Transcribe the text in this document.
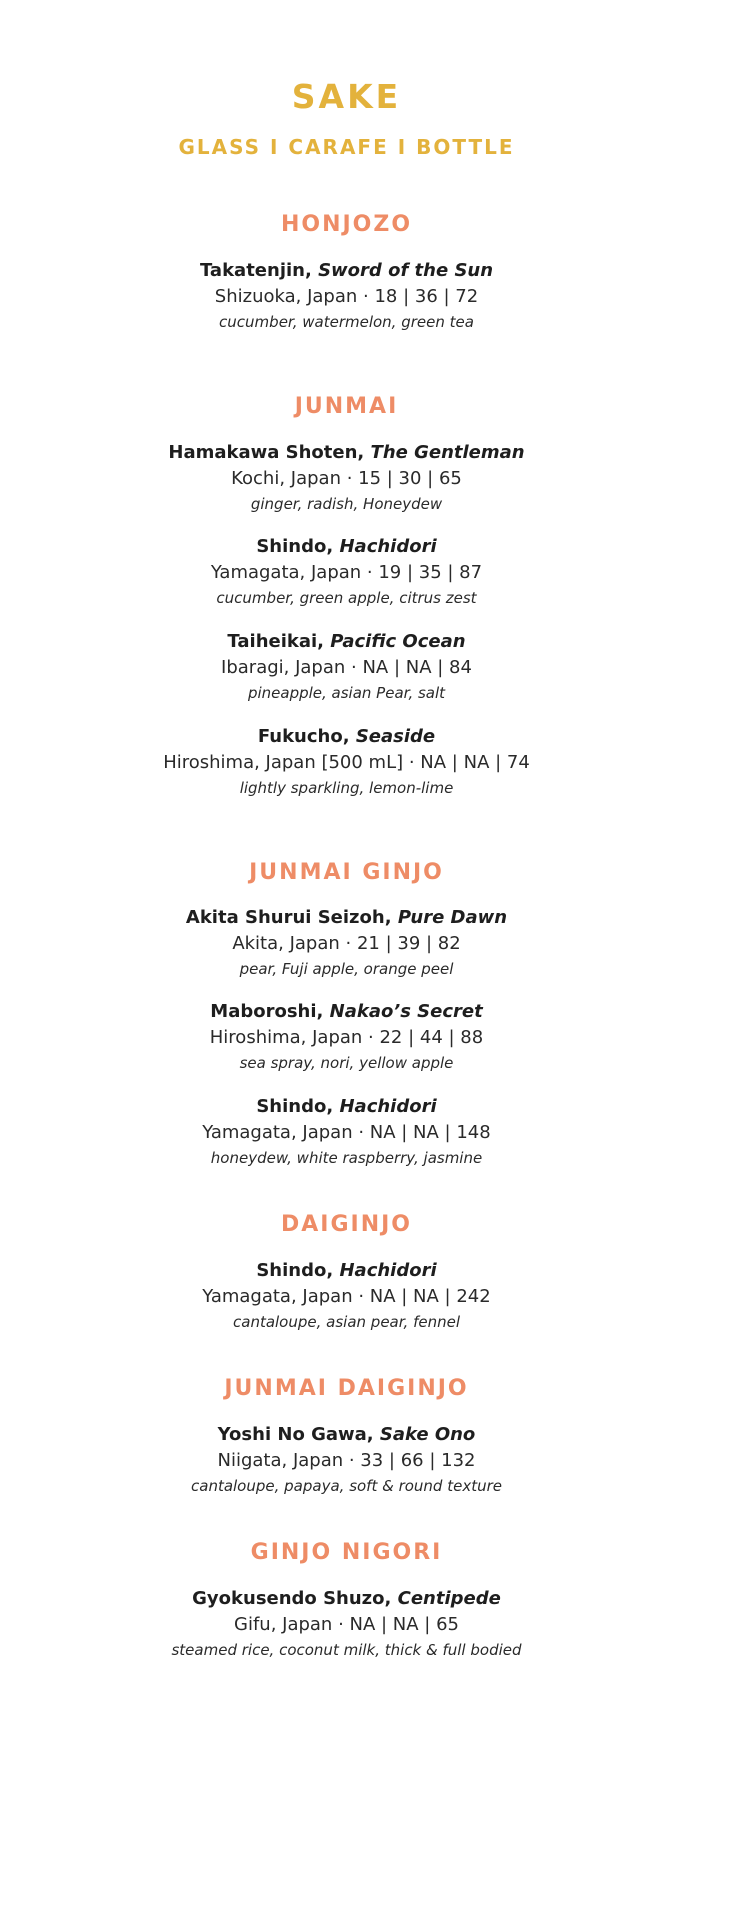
SAKE
GLASS I CARAFE I BOTTLE
HONJOZO
Takatenjin, Sword of the Sun
Shizuoka, Japan · 18 | 36 | 72
cucumber, watermelon, green tea
JUNMAI
Hamakawa Shoten, The Gentleman
Kochi, Japan · 15 | 30 | 65
ginger, radish, Honeydew
Shindo, Hachidori
Yamagata, Japan · 19 | 35 | 87
cucumber, green apple, citrus zest
Taiheikai, Pacific Ocean
Ibaragi, Japan · NA | NA | 84
pineapple, asian Pear, salt
Fukucho, Seaside
Hiroshima, Japan [500 mL] · NA | NA | 74
lightly sparkling, lemon-lime
JUNMAI GINJO
Akita Shurui Seizoh, Pure Dawn
Akita, Japan · 21 | 39 | 82
pear, Fuji apple, orange peel
Maboroshi, Nakao’s Secret
Hiroshima, Japan · 22 | 44 | 88
sea spray, nori, yellow apple
Shindo, Hachidori
Yamagata, Japan · NA | NA | 148
honeydew, white raspberry, jasmine
DAIGINJO
Shindo, Hachidori
Yamagata, Japan · NA | NA | 242
cantaloupe, asian pear, fennel
JUNMAI DAIGINJO
Yoshi No Gawa, Sake Ono
Niigata, Japan · 33 | 66 | 132
cantaloupe, papaya, soft & round texture
GINJO NIGORI
Gyokusendo Shuzo, Centipede
Gifu, Japan · NA | NA | 65
steamed rice, coconut milk, thick & full bodied
